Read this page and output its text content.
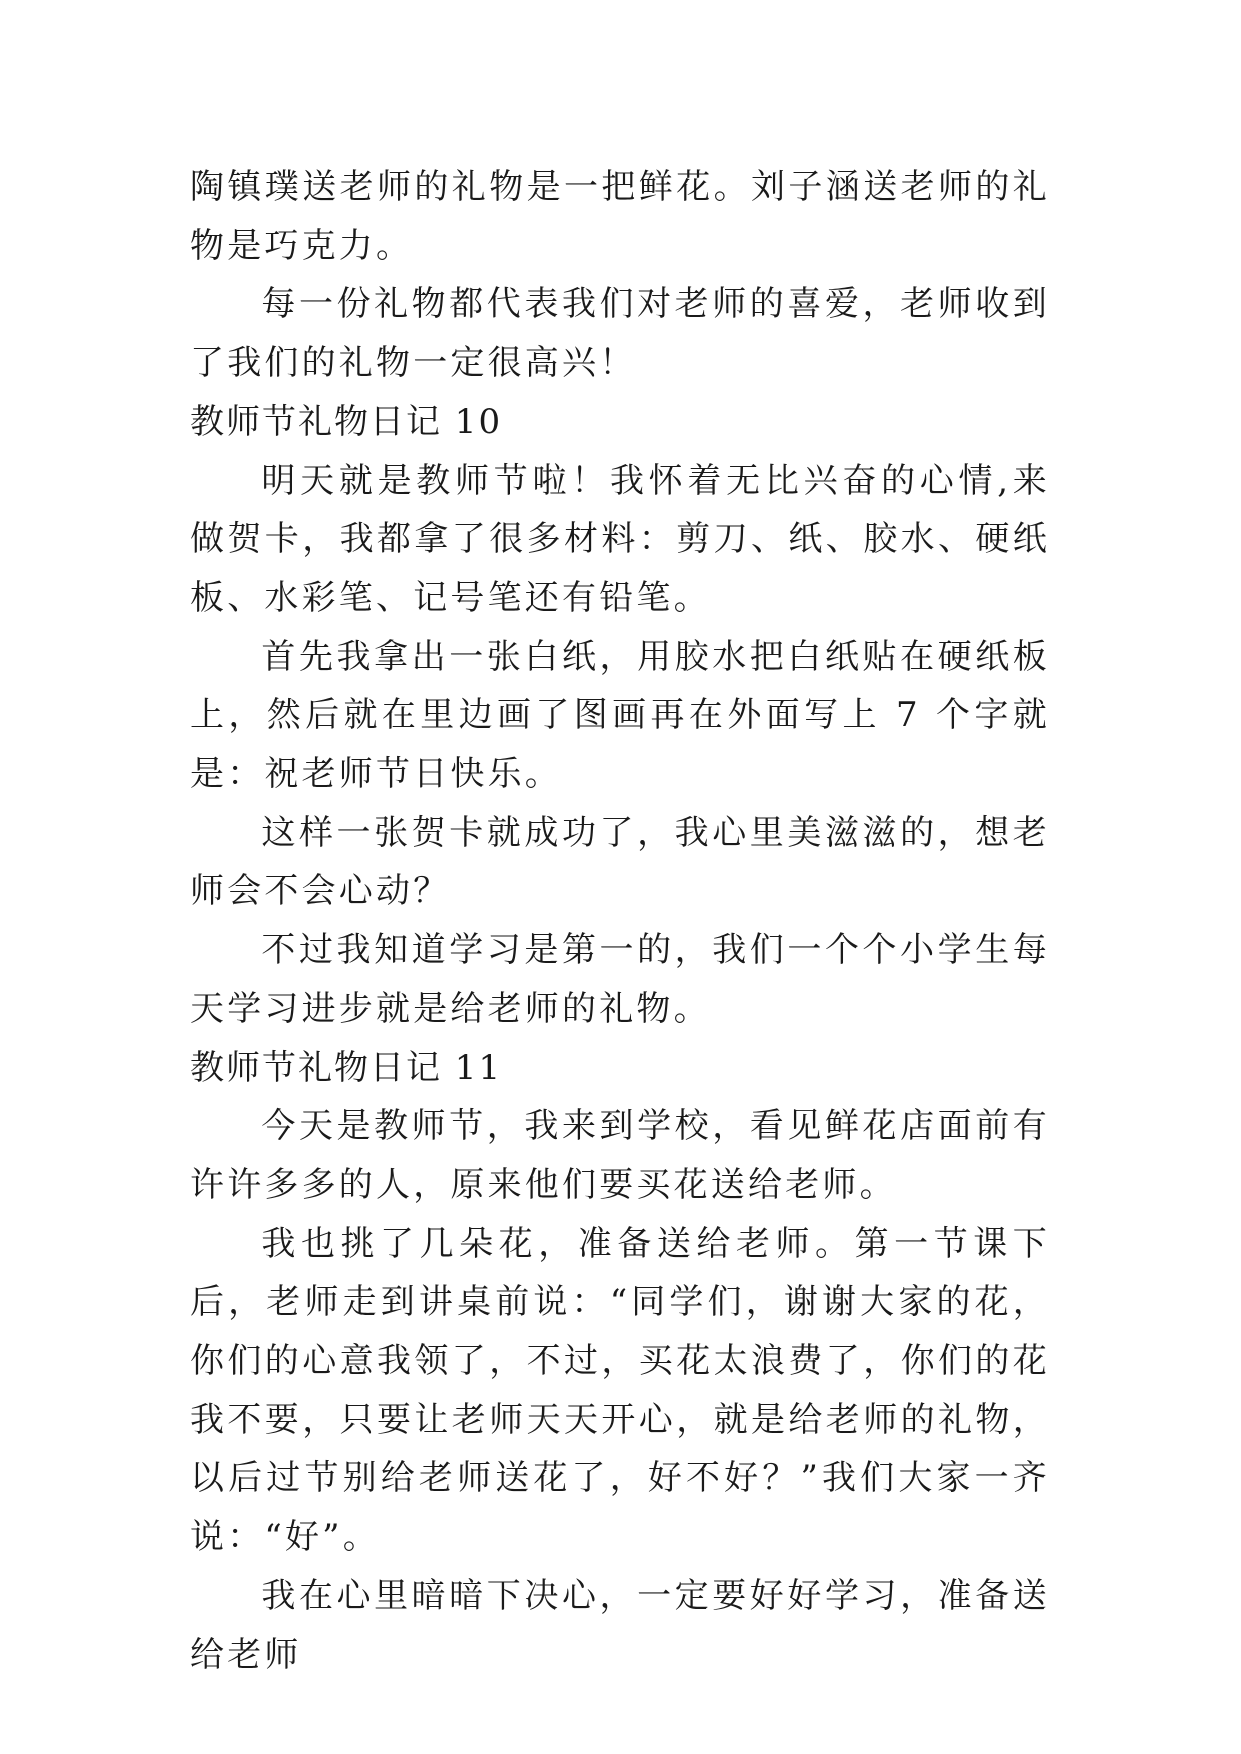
陶镇璞送老师的礼物是一把鲜花。刘子涵送老师的礼物是巧克力。

每一份礼物都代表我们对老师的喜爱，老师收到了我们的礼物一定很高兴！

教师节礼物日记 10

明天就是教师节啦！我怀着无比兴奋的心情,来做贺卡，我都拿了很多材料：剪刀、纸、胶水、硬纸板、水彩笔、记号笔还有铅笔。

首先我拿出一张白纸，用胶水把白纸贴在硬纸板上，然后就在里边画了图画再在外面写上 7 个字就是：祝老师节日快乐。

这样一张贺卡就成功了，我心里美滋滋的，想老师会不会心动？

不过我知道学习是第一的，我们一个个小学生每天学习进步就是给老师的礼物。

教师节礼物日记 11

今天是教师节，我来到学校，看见鲜花店面前有许许多多的人，原来他们要买花送给老师。

我也挑了几朵花，准备送给老师。第一节课下后，老师走到讲桌前说：“同学们，谢谢大家的花，你们的心意我领了，不过，买花太浪费了，你们的花我不要，只要让老师天天开心，就是给老师的礼物，以后过节别给老师送花了，好不好？”我们大家一齐说：“好”。

我在心里暗暗下决心，一定要好好学习，准备送给老师
